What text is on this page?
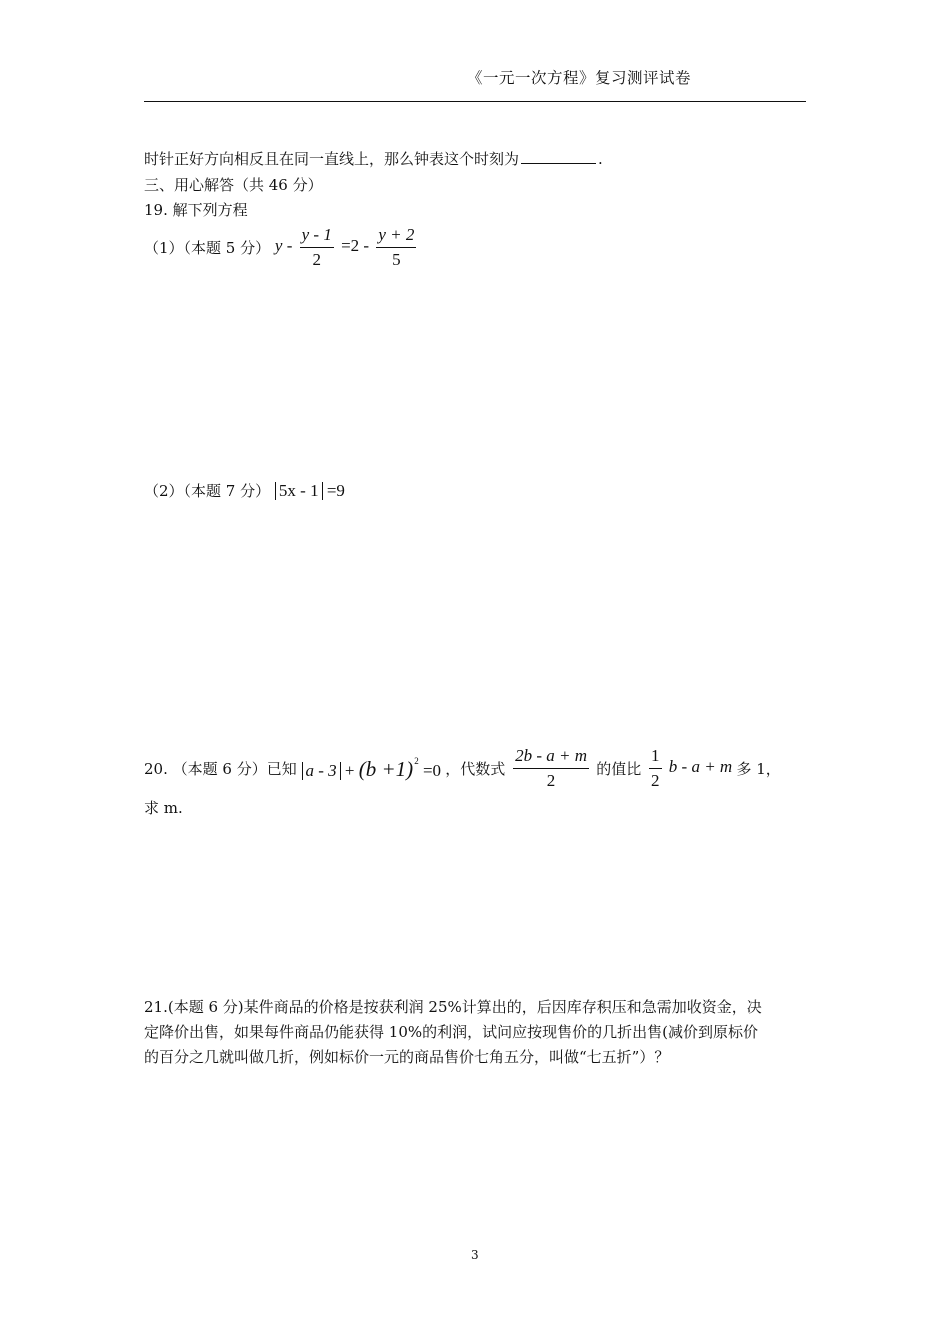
《一元一次方程》复习测评试卷
时针正好方向相反且在同一直线上，那么钟表这个时刻为	.
三、用心解答（共 46 分）
19. 解下列方程
（1）（本题 5 分） $y - \frac{y - 1}{2} =2 - \frac{y + 2}{5}$
（2）（本题 7 分） 5x - 1 =9
20. （本题 6 分）已知 $a - 3 + (b +1)^2 =0$ ，代数式 $\frac{2b - a + m}{2}$ 的值比 $\frac{1}{2}$ b - a + m 多 1，
求 m.
21.(本题 6 分)某件商品的价格是按获利润 25%计算出的，后因库存积压和急需加收资金，决
定降价出售，如果每件商品仍能获得 10%的利润，试问应按现售价的几折出售(减价到原标价
的百分之几就叫做几折，例如标价一元的商品售价七角五分，叫做“七五折”）？
3
